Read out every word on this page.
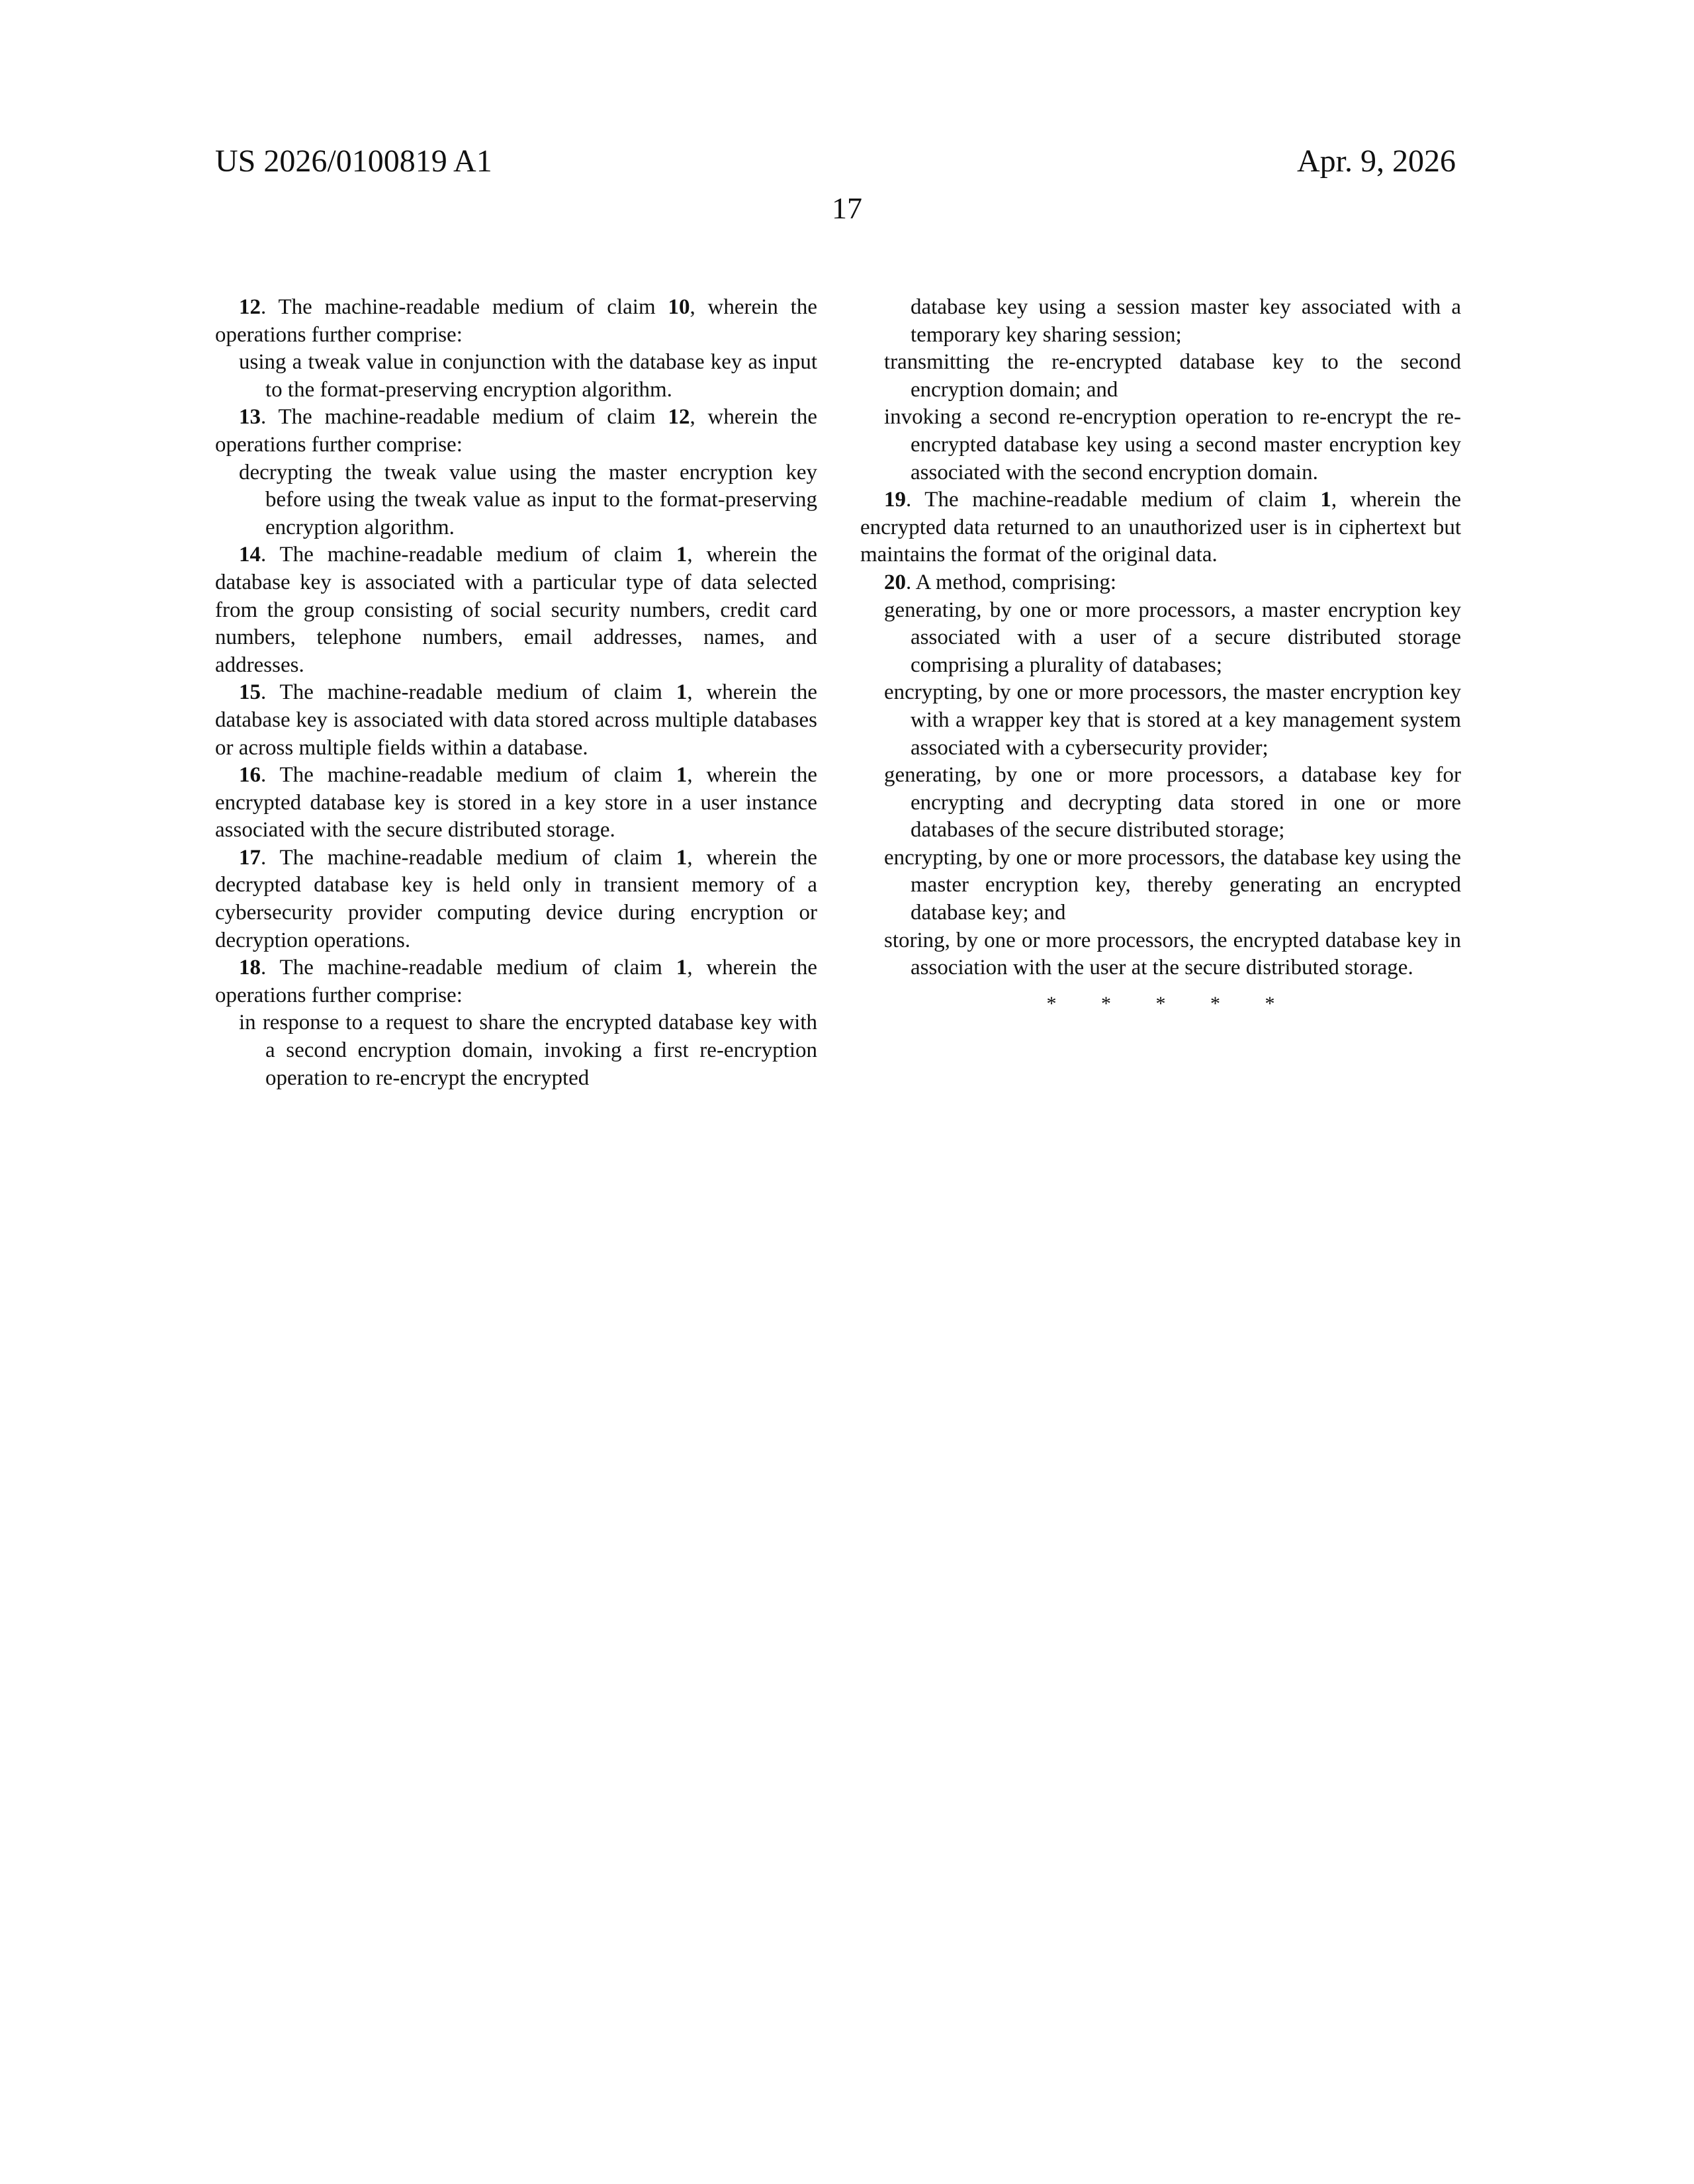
US 2026/0100819 A1	Apr. 9, 2026
17

12. The machine-readable medium of claim 10, wherein the operations further comprise:

using a tweak value in conjunction with the database key as input to the format-preserving encryption algorithm.

13. The machine-readable medium of claim 12, wherein the operations further comprise:

decrypting the tweak value using the master encryption key before using the tweak value as input to the format-preserving encryption algorithm.

14. The machine-readable medium of claim 1, wherein the database key is associated with a particular type of data selected from the group consisting of social security numbers, credit card numbers, telephone numbers, email addresses, names, and addresses.

15. The machine-readable medium of claim 1, wherein the database key is associated with data stored across multiple databases or across multiple fields within a database.

16. The machine-readable medium of claim 1, wherein the encrypted database key is stored in a key store in a user instance associated with the secure distributed storage.

17. The machine-readable medium of claim 1, wherein the decrypted database key is held only in transient memory of a cybersecurity provider computing device during encryption or decryption operations.

18. The machine-readable medium of claim 1, wherein the operations further comprise:

in response to a request to share the encrypted database key with a second encryption domain, invoking a first re-encryption operation to re-encrypt the encrypted

database key using a session master key associated with a temporary key sharing session;

transmitting the re-encrypted database key to the second encryption domain; and

invoking a second re-encryption operation to re-encrypt the re-encrypted database key using a second master encryption key associated with the second encryption domain.

19. The machine-readable medium of claim 1, wherein the encrypted data returned to an unauthorized user is in ciphertext but maintains the format of the original data.

20. A method, comprising:

generating, by one or more processors, a master encryption key associated with a user of a secure distributed storage comprising a plurality of databases;

encrypting, by one or more processors, the master encryption key with a wrapper key that is stored at a key management system associated with a cybersecurity provider;

generating, by one or more processors, a database key for encrypting and decrypting data stored in one or more databases of the secure distributed storage;

encrypting, by one or more processors, the database key using the master encryption key, thereby generating an encrypted database key; and

storing, by one or more processors, the encrypted database key in association with the user at the secure distributed storage.

* * * * *
